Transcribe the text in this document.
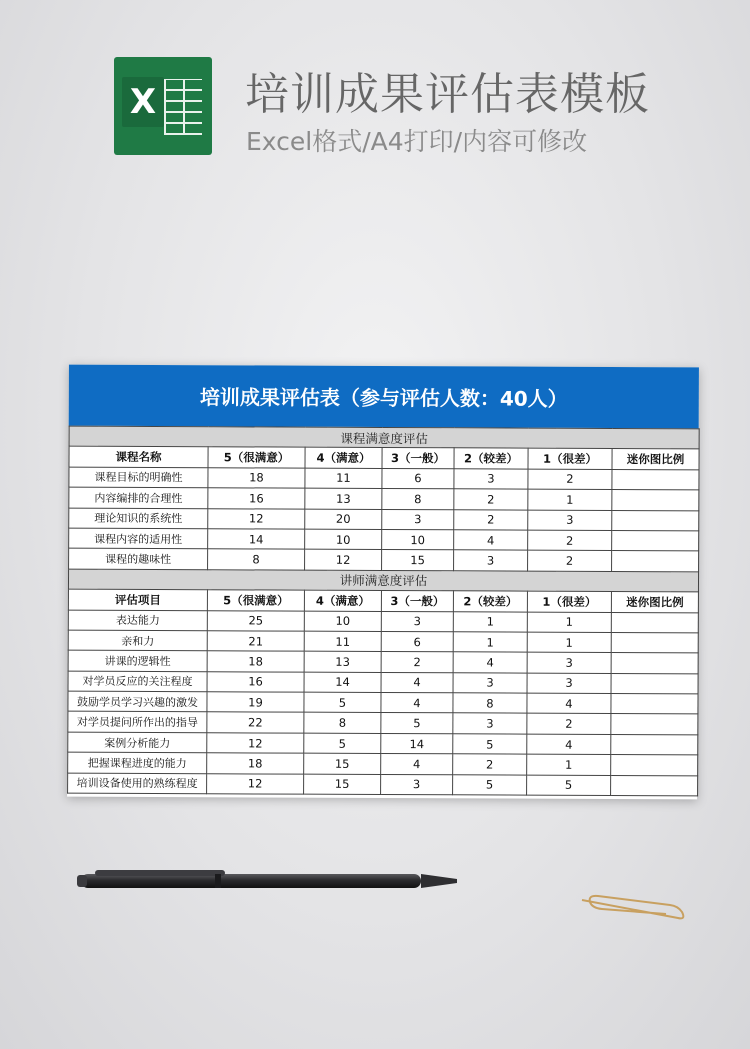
X 培训成果评估表模板
Excel格式/A4打印/内容可修改
培训成果评估表（参与评估人数：40人）
课程满意度评估						
课程名称	5（很满意）	4（满意）	3（一般）	2（较差）	1（很差）	迷你图比例
课程目标的明确性	18	11	6	3	2	
内容编排的合理性	16	13	8	2	1	
理论知识的系统性	12	20	3	2	3	
课程内容的适用性	14	10	10	4	2	
课程的趣味性	8	12	15	3	2	
讲师满意度评估						
评估项目	5（很满意）	4（满意）	3（一般）	2（较差）	1（很差）	迷你图比例
表达能力	25	10	3	1	1	
亲和力	21	11	6	1	1	
讲课的逻辑性	18	13	2	4	3	
对学员反应的关注程度	16	14	4	3	3	
鼓励学员学习兴趣的激发	19	5	4	8	4	
对学员提问所作出的指导	22	8	5	3	2	
案例分析能力	12	5	14	5	4	
把握课程进度的能力	18	15	4	2	1	
培训设备使用的熟练程度	12	15	3	5	5	
